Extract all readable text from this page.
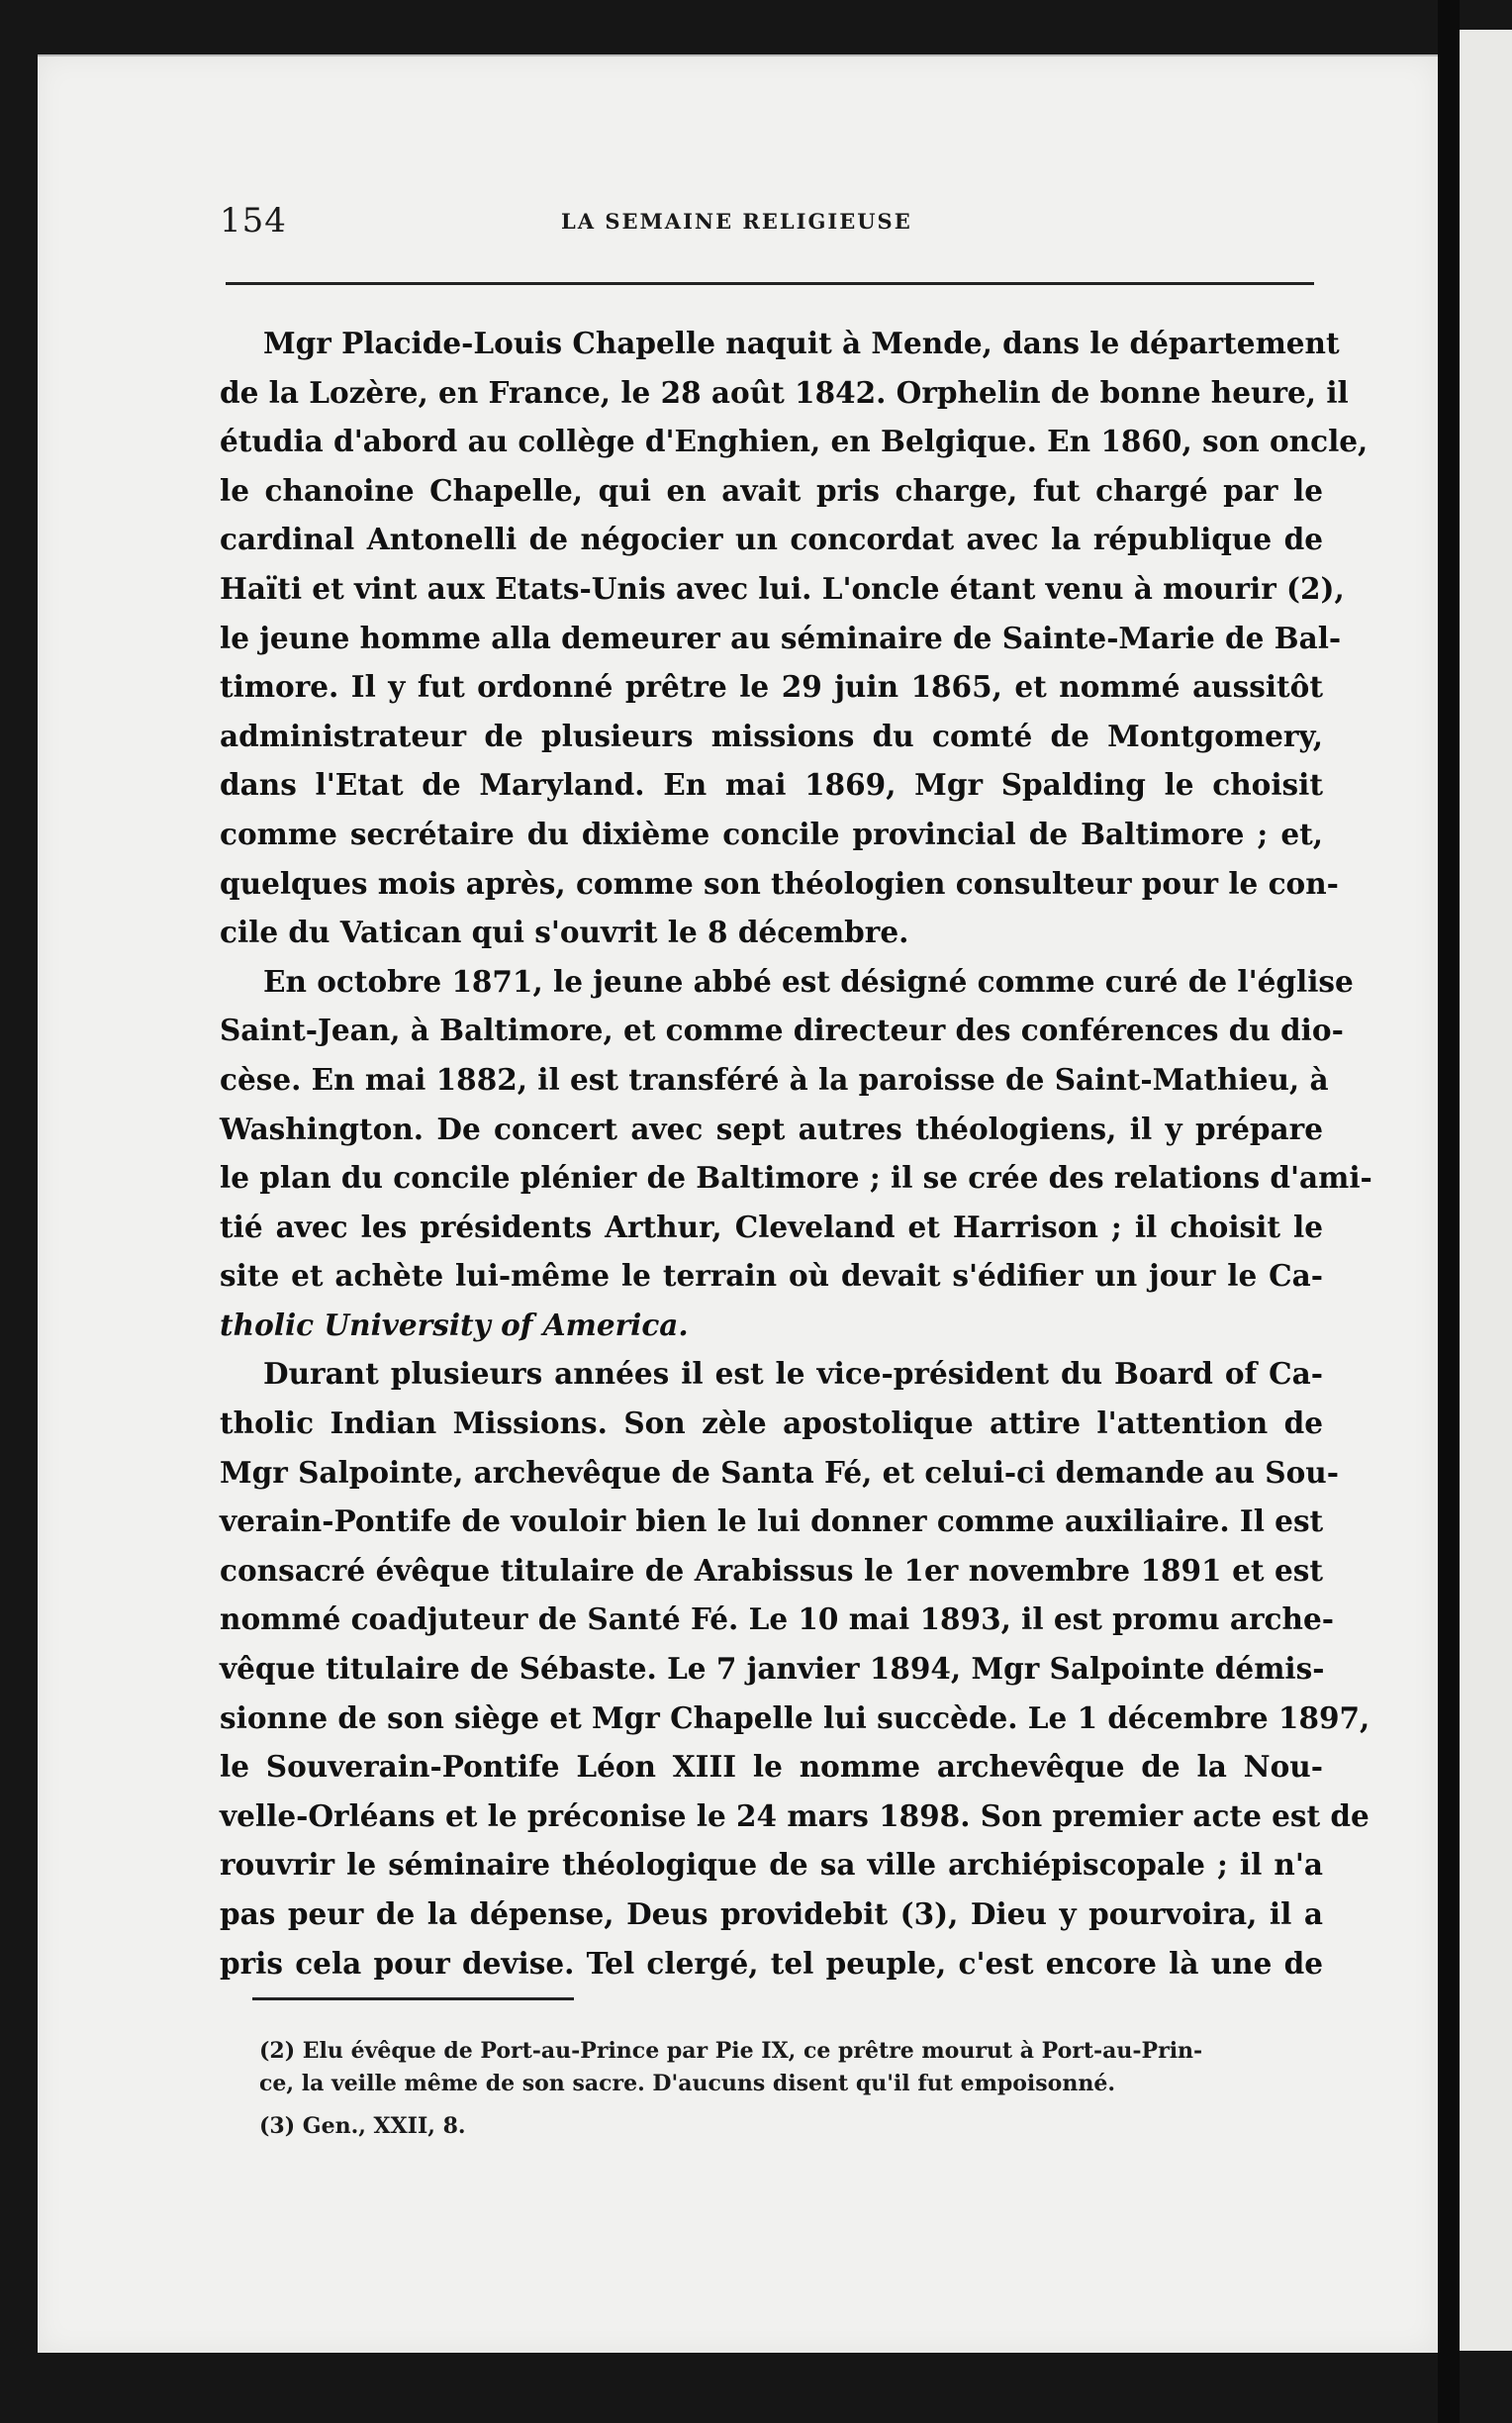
154	LA SEMAINE RELIGIEUSE
Mgr Placide-Louis Chapelle naquit à Mende, dans le département
de la Lozère, en France, le 28 août 1842. Orphelin de bonne heure, il
étudia d'abord au collège d'Enghien, en Belgique. En 1860, son oncle,
le chanoine Chapelle, qui en avait pris charge, fut chargé par le
cardinal Antonelli de négocier un concordat avec la république de
Haïti et vint aux Etats-Unis avec lui. L'oncle étant venu à mourir (2),
le jeune homme alla demeurer au séminaire de Sainte-Marie de Bal-
timore. Il y fut ordonné prêtre le 29 juin 1865, et nommé aussitôt
administrateur de plusieurs missions du comté de Montgomery,
dans l'Etat de Maryland. En mai 1869, Mgr Spalding le choisit
comme secrétaire du dixième concile provincial de Baltimore ; et,
quelques mois après, comme son théologien consulteur pour le con-
cile du Vatican qui s'ouvrit le 8 décembre.
En octobre 1871, le jeune abbé est désigné comme curé de l'église
Saint-Jean, à Baltimore, et comme directeur des conférences du dio-
cèse. En mai 1882, il est transféré à la paroisse de Saint-Mathieu, à
Washington. De concert avec sept autres théologiens, il y prépare
le plan du concile plénier de Baltimore ; il se crée des relations d'ami-
tié avec les présidents Arthur, Cleveland et Harrison ; il choisit le
site et achète lui-même le terrain où devait s'édifier un jour le Ca-
tholic University of America.
Durant plusieurs années il est le vice-président du Board of Ca-
tholic Indian Missions. Son zèle apostolique attire l'attention de
Mgr Salpointe, archevêque de Santa Fé, et celui-ci demande au Sou-
verain-Pontife de vouloir bien le lui donner comme auxiliaire. Il est
consacré évêque titulaire de Arabissus le 1er novembre 1891 et est
nommé coadjuteur de Santé Fé. Le 10 mai 1893, il est promu arche-
vêque titulaire de Sébaste. Le 7 janvier 1894, Mgr Salpointe démis-
sionne de son siège et Mgr Chapelle lui succède. Le 1 décembre 1897,
le Souverain-Pontife Léon XIII le nomme archevêque de la Nou-
velle-Orléans et le préconise le 24 mars 1898. Son premier acte est de
rouvrir le séminaire théologique de sa ville archiépiscopale ; il n'a
pas peur de la dépense, Deus providebit (3), Dieu y pourvoira, il a
pris cela pour devise. Tel clergé, tel peuple, c'est encore là une de
(2) Elu évêque de Port-au-Prince par Pie IX, ce prêtre mourut à Port-au-Prin-
ce, la veille même de son sacre. D'aucuns disent qu'il fut empoisonné.
(3) Gen., XXII, 8.
